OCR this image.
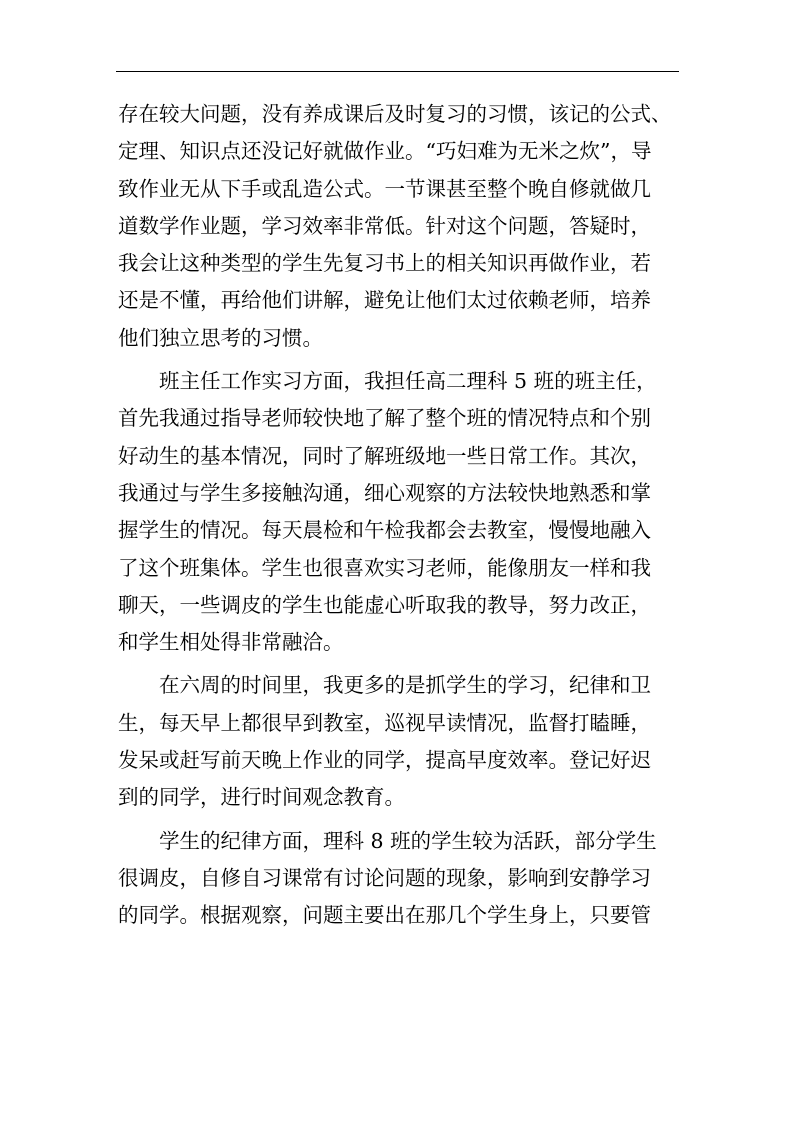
存在较大问题，没有养成课后及时复习的习惯，该记的公式、
定理、知识点还没记好就做作业。“巧妇难为无米之炊”，导
致作业无从下手或乱造公式。一节课甚至整个晚自修就做几
道数学作业题，学习效率非常低。针对这个问题，答疑时，
我会让这种类型的学生先复习书上的相关知识再做作业，若
还是不懂，再给他们讲解，避免让他们太过依赖老师，培养
他们独立思考的习惯。
班主任工作实习方面，我担任高二理科 5 班的班主任，
首先我通过指导老师较快地了解了整个班的情况特点和个别
好动生的基本情况，同时了解班级地一些日常工作。其次，
我通过与学生多接触沟通，细心观察的方法较快地熟悉和掌
握学生的情况。每天晨检和午检我都会去教室，慢慢地融入
了这个班集体。学生也很喜欢实习老师，能像朋友一样和我
聊天，一些调皮的学生也能虚心听取我的教导，努力改正，
和学生相处得非常融洽。
在六周的时间里，我更多的是抓学生的学习，纪律和卫
生，每天早上都很早到教室，巡视早读情况，监督打瞌睡，
发呆或赶写前天晚上作业的同学，提高早度效率。登记好迟
到的同学，进行时间观念教育。
学生的纪律方面，理科 8 班的学生较为活跃，部分学生
很调皮，自修自习课常有讨论问题的现象，影响到安静学习
的同学。根据观察，问题主要出在那几个学生身上，只要管
